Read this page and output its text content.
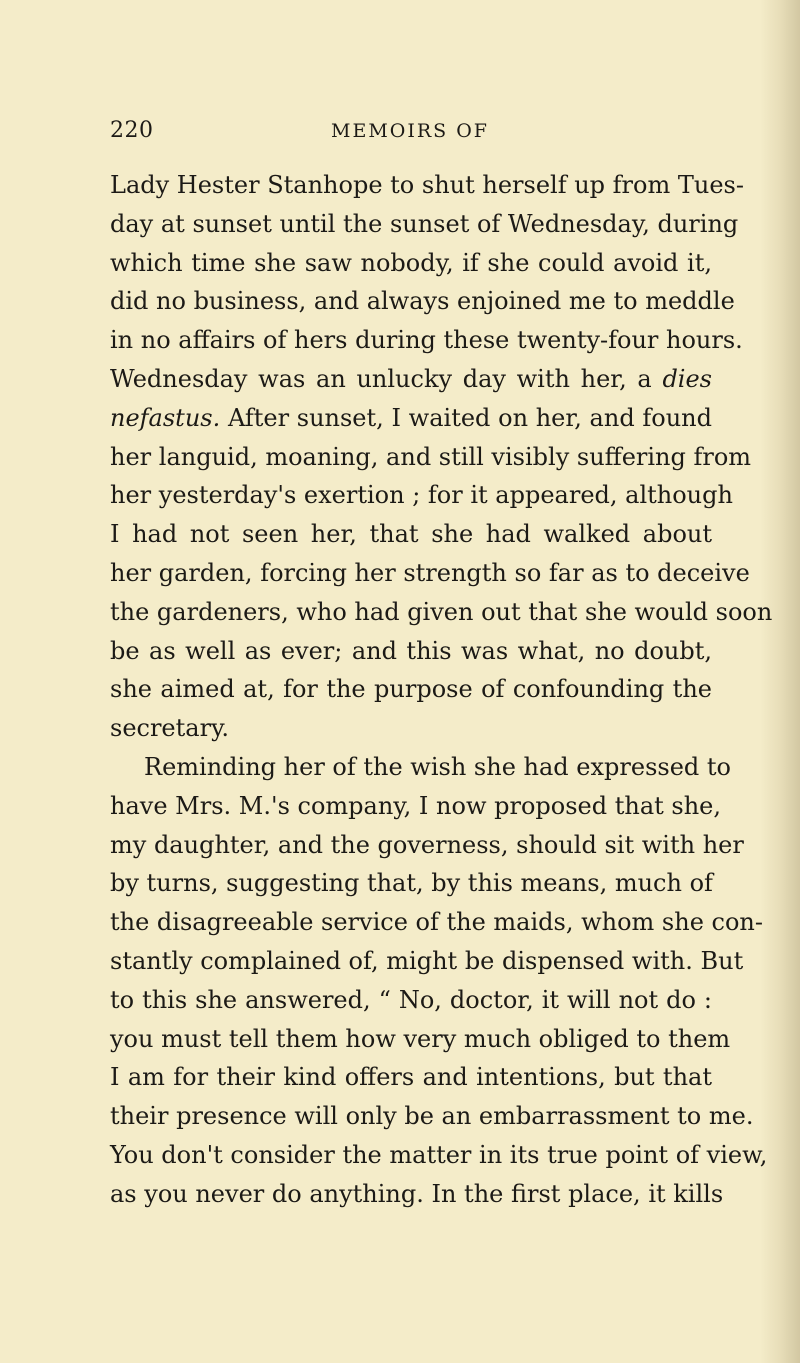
220	MEMOIRS OF
Lady Hester Stanhope to shut herself up from Tues-
day at sunset until the sunset of Wednesday, during
which time she saw nobody, if she could avoid it,
did no business, and always enjoined me to meddle
in no affairs of hers during these twenty-four hours.
Wednesday was an unlucky day with her, a dies
nefastus. After sunset, I waited on her, and found
her languid, moaning, and still visibly suffering from
her yesterday's exertion ; for it appeared, although
I had not seen her, that she had walked about
her garden, forcing her strength so far as to deceive
the gardeners, who had given out that she would soon
be as well as ever; and this was what, no doubt,
she aimed at, for the purpose of confounding the
secretary.
Reminding her of the wish she had expressed to
have Mrs. M.'s company, I now proposed that she,
my daughter, and the governess, should sit with her
by turns, suggesting that, by this means, much of
the disagreeable service of the maids, whom she con-
stantly complained of, might be dispensed with. But
to this she answered, “ No, doctor, it will not do :
you must tell them how very much obliged to them
I am for their kind offers and intentions, but that
their presence will only be an embarrassment to me.
You don't consider the matter in its true point of view,
as you never do anything. In the first place, it kills
